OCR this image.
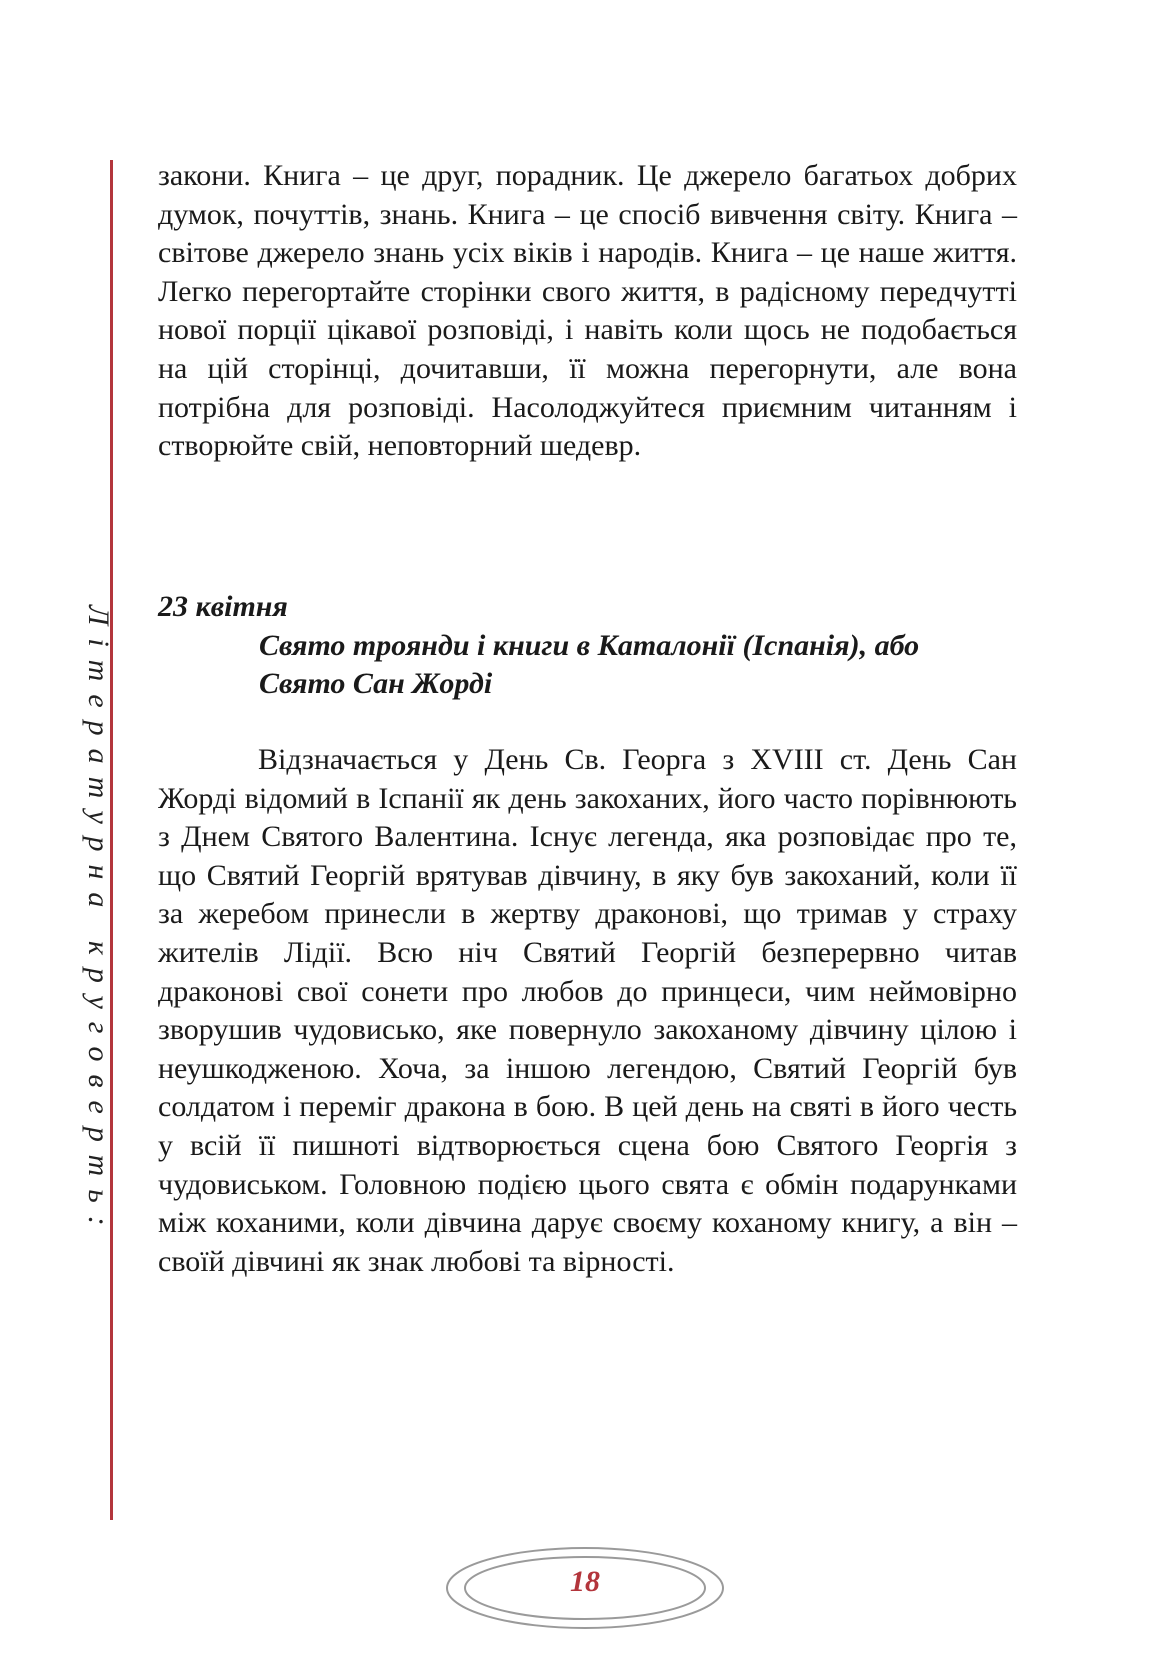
Літературна круговерть:

закони. Книга – це друг, порадник. Це джерело багатьох добрих думок, почуттів, знань. Книга – це спосіб вивчення світу. Книга – світове джерело знань усіх віків і народів. Книга – це наше життя. Легко перегортайте сторінки свого життя, в радісному передчутті нової порції цікавої розповіді, і навіть коли щось не подобається на цій сторінці, дочитавши, її можна перегорнути, але вона потрібна для розповіді. Насолоджуйтеся приємним читанням і створюйте свій, неповторний шедевр.

23 квітня

Свято троянди і книги в Каталонії (Іспанія), або
Свято Сан Жорді

Відзначається у День Св. Георга з XVIII ст. День Сан Жорді відомий в Іспанії як день закоханих, його часто порівнюють з Днем Святого Валентина. Існує легенда, яка розповідає про те, що Святий Георгій врятував дівчину, в яку був закоханий, коли її за жеребом принесли в жертву драконові, що тримав у страху жителів Лідії. Всю ніч Святий Георгій безперервно читав драконові свої сонети про любов до принцеси, чим неймовірно зворушив чудовисько, яке повернуло закоханому дівчину цілою і неушкодженою. Хоча, за іншою легендою, Святий Георгій був солдатом і переміг дракона в бою. В цей день на святі в його честь у всій її пишноті відтворюється сцена бою Святого Георгія з чудовиськом. Головною подією цього свята є обмін подарунками між коханими, коли дівчина дарує своєму коханому книгу, а він – своїй дівчині як знак любові та вірності.

18
